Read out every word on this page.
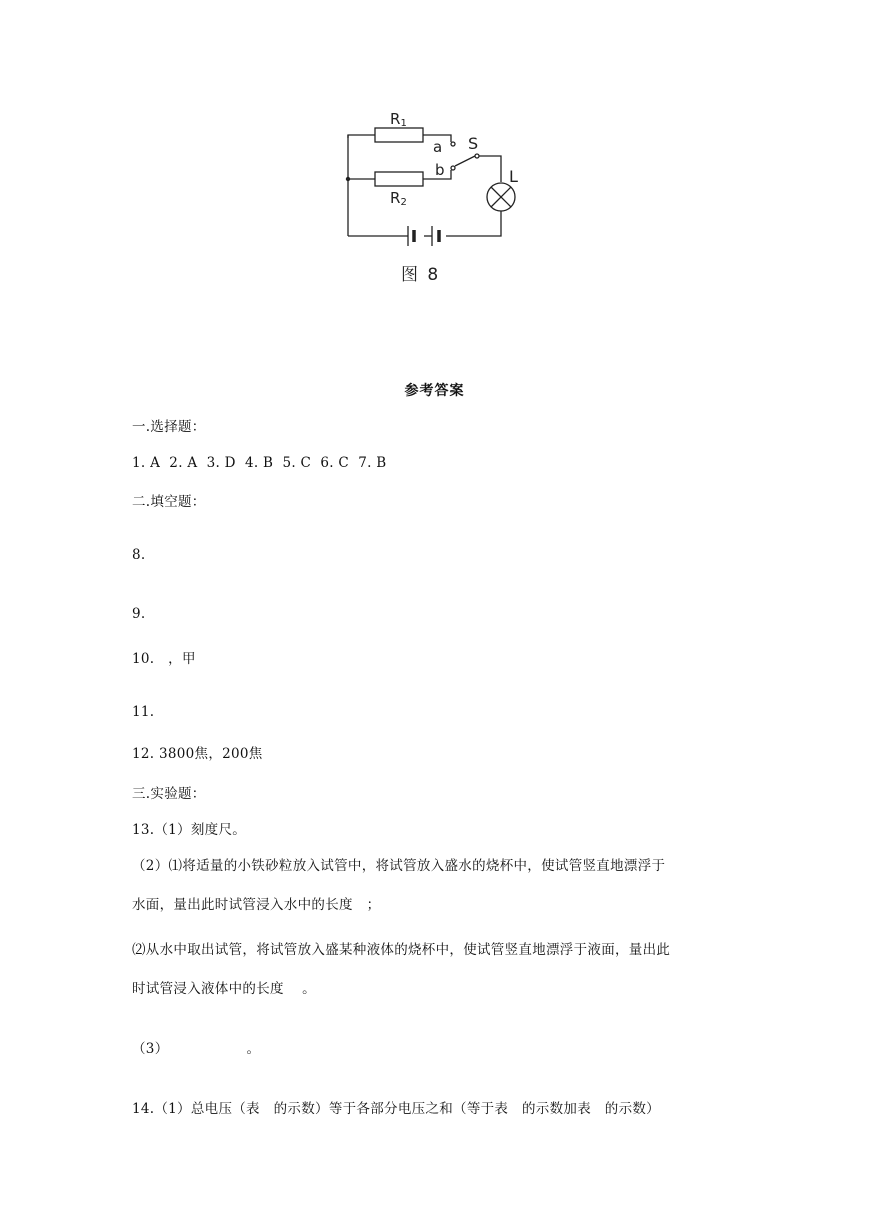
R1
R2
a
b
S
L
图 8
参考答案
一.选择题：
1. A  2. A  3. D  4. B  5. C  6. C  7. B
二.填空题：
8.
9.
10.   ，甲
11.
12. 3800焦，200焦
三.实验题：
13.（1）刻度尺。
（2）⑴将适量的小铁砂粒放入试管中，将试管放入盛水的烧杯中，使试管竖直地漂浮于
水面，量出此时试管浸入水中的长度   ；
⑵从水中取出试管，将试管放入盛某种液体的烧杯中，使试管竖直地漂浮于液面，量出此
时试管浸入液体中的长度    。
（3）                 。
14.（1）总电压（表   的示数）等于各部分电压之和（等于表   的示数加表   的示数）
